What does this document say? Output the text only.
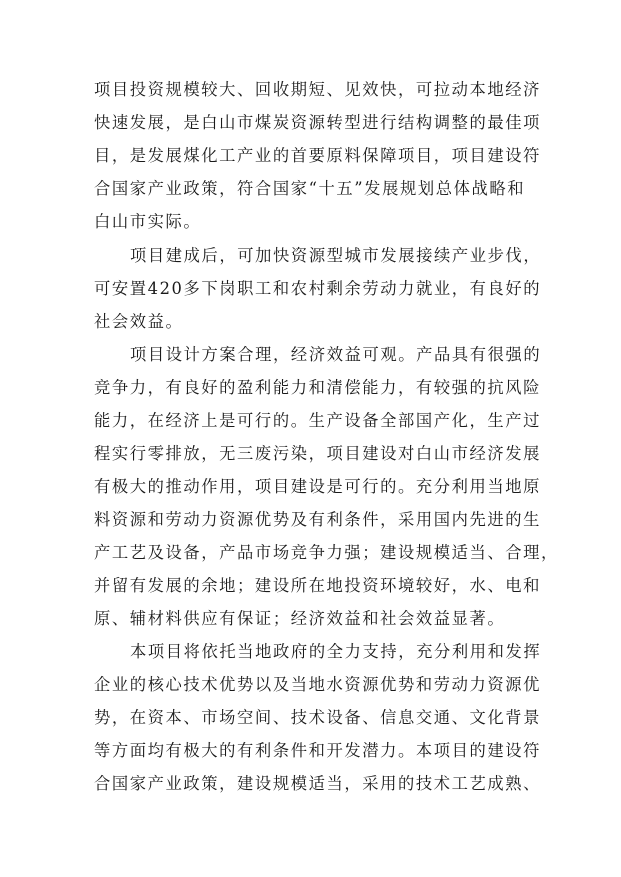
项目投资规模较大、回收期短、见效快，可拉动本地经济
快速发展，是白山市煤炭资源转型进行结构调整的最佳项
目，是发展煤化工产业的首要原料保障项目，项目建设符
合国家产业政策，符合国家“十五”发展规划总体战略和
白山市实际。
项目建成后，可加快资源型城市发展接续产业步伐，
可安置420多下岗职工和农村剩余劳动力就业，有良好的
社会效益。
项目设计方案合理，经济效益可观。产品具有很强的
竞争力，有良好的盈利能力和清偿能力，有较强的抗风险
能力，在经济上是可行的。生产设备全部国产化，生产过
程实行零排放，无三废污染，项目建设对白山市经济发展
有极大的推动作用，项目建设是可行的。充分利用当地原
料资源和劳动力资源优势及有利条件，采用国内先进的生
产工艺及设备，产品市场竞争力强；建设规模适当、合理，
并留有发展的余地；建设所在地投资环境较好，水、电和
原、辅材料供应有保证；经济效益和社会效益显著。
本项目将依托当地政府的全力支持，充分利用和发挥
企业的核心技术优势以及当地水资源优势和劳动力资源优
势，在资本、市场空间、技术设备、信息交通、文化背景
等方面均有极大的有利条件和开发潜力。本项目的建设符
合国家产业政策，建设规模适当，采用的技术工艺成熟、
